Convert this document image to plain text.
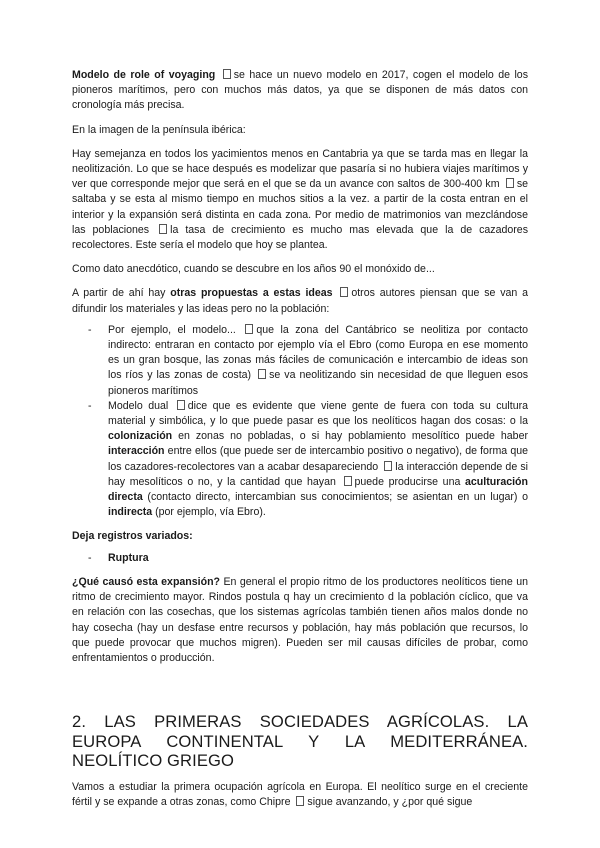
Modelo de role of voyaging se hace un nuevo modelo en 2017, cogen el modelo de los pioneros marítimos, pero con muchos más datos, ya que se disponen de más datos con cronología más precisa.

En la imagen de la península ibérica:

Hay semejanza en todos los yacimientos menos en Cantabria ya que se tarda mas en llegar la neolitización. Lo que se hace después es modelizar que pasaría si no hubiera viajes marítimos y ver que corresponde mejor que será en el que se da un avance con saltos de 300-400 km se saltaba y se esta al mismo tiempo en muchos sitios a la vez. a partir de la costa entran en el interior y la expansión será distinta en cada zona. Por medio de matrimonios van mezclándose las poblaciones la tasa de crecimiento es mucho mas elevada que la de cazadores recolectores. Este sería el modelo que hoy se plantea.

Como dato anecdótico, cuando se descubre en los años 90 el monóxido de...

A partir de ahí hay otras propuestas a estas ideas otros autores piensan que se van a difundir los materiales y las ideas pero no la población:

- Por ejemplo, el modelo... que la zona del Cantábrico se neolitiza por contacto indirecto: entraran en contacto por ejemplo vía el Ebro (como Europa en ese momento es un gran bosque, las zonas más fáciles de comunicación e intercambio de ideas son los ríos y las zonas de costa) se va neolitizando sin necesidad de que lleguen esos pioneros marítimos
- Modelo dual dice que es evidente que viene gente de fuera con toda su cultura material y simbólica, y lo que puede pasar es que los neolíticos hagan dos cosas: o la colonización en zonas no pobladas, o si hay poblamiento mesolítico puede haber interacción entre ellos (que puede ser de intercambio positivo o negativo), de forma que los cazadores-recolectores van a acabar desapareciendo la interacción depende de si hay mesolíticos o no, y la cantidad que hayan puede producirse una aculturación directa (contacto directo, intercambian sus conocimientos; se asientan en un lugar) o indirecta (por ejemplo, vía Ebro).

Deja registros variados:

- Ruptura

¿Qué causó esta expansión? En general el propio ritmo de los productores neolíticos tiene un ritmo de crecimiento mayor. Rindos postula q hay un crecimiento d la población cíclico, que va en relación con las cosechas, que los sistemas agrícolas también tienen años malos donde no hay cosecha (hay un desfase entre recursos y población, hay más población que recursos, lo que puede provocar que muchos migren). Pueden ser mil causas difíciles de probar, como enfrentamientos o producción.

2. LAS PRIMERAS SOCIEDADES AGRÍCOLAS. LA EUROPA CONTINENTAL Y LA MEDITERRÁNEA. NEOLÍTICO GRIEGO

Vamos a estudiar la primera ocupación agrícola en Europa. El neolítico surge en el creciente fértil y se expande a otras zonas, como Chipre sigue avanzando, y ¿por qué sigue
